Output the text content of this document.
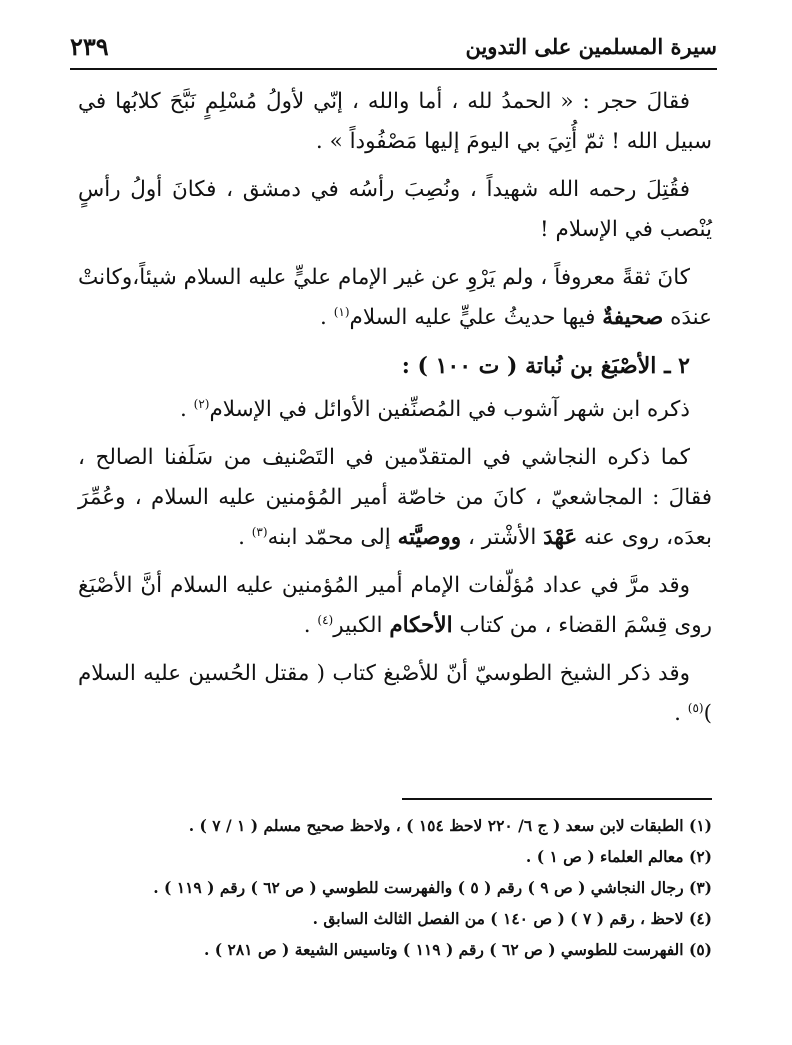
سيرة المسلمين على التدوين
٢٣٩

فقالَ حجر : « الحمدُ لله ، أما والله ، إنّي لأولُ مُسْلِمٍ نَبَّحَ كلابُها في سبيل الله ! ثمّ أُتِيَ بي اليومَ إليها مَصْفُوداً » .

فقُتِلَ رحمه الله شهيداً ، ونُصِبَ رأسُه في دمشق ، فكانَ أولُ رأسٍ يُنْصب في الإسلام !

كانَ ثقةً معروفاً ، ولم يَرْوِ عن غير الإمام عليٍّ عليه السلام شيئاً،وكانتْ عندَه صحيفةٌ فيها حديثُ عليٍّ عليه السلام$^{(١)}$ .

٢ ـ الأصْبَغ بن نُباتة ( ت ١٠٠ ) :

ذكره ابن شهر آشوب في المُصنِّفين الأوائل في الإسلام$^{(٢)}$ .

كما ذكره النجاشي في المتقدّمين في التَصْنيف من سَلَفنا الصالح ، فقالَ : المجاشعيّ ، كانَ من خاصّة أمير المُؤمنين عليه السلام ، وعُمِّرَ بعدَه، روى عنه عَهْدَ الأشْتر ، ووصيَّته إلى محمّد ابنه$^{(٣)}$ .

وقد مرَّ في عداد مُؤلّفات الإمام أمير المُؤمنين عليه السلام أنَّ الأصْبَغ روى قِسْمَ القضاء ، من كتاب الأحكام الكبير$^{(٤)}$ .

وقد ذكر الشيخ الطوسيّ أنّ للأصْبغ كتاب ( مقتل الحُسين عليه السلام )$^{(٥)}$ .

(١) الطبقات لابن سعد ( ج ٦/ ٢٢٠ لاحظ ١٥٤ ) ، ولاحظ صحيح مسلم ( ١ / ٧ ) .

(٢) معالم العلماء ( ص ١ ) .

(٣) رجال النجاشي ( ص ٩ ) رقم ( ٥ ) والفهرست للطوسي ( ص ٦٢ ) رقم ( ١١٩ ) .

(٤) لاحظ ، رقم ( ٧ ) ( ص ١٤٠ ) من الفصل الثالث السابق .

(٥) الفهرست للطوسي ( ص ٦٢ ) رقم ( ١١٩ ) وتاسيس الشيعة ( ص ٢٨١ ) .
